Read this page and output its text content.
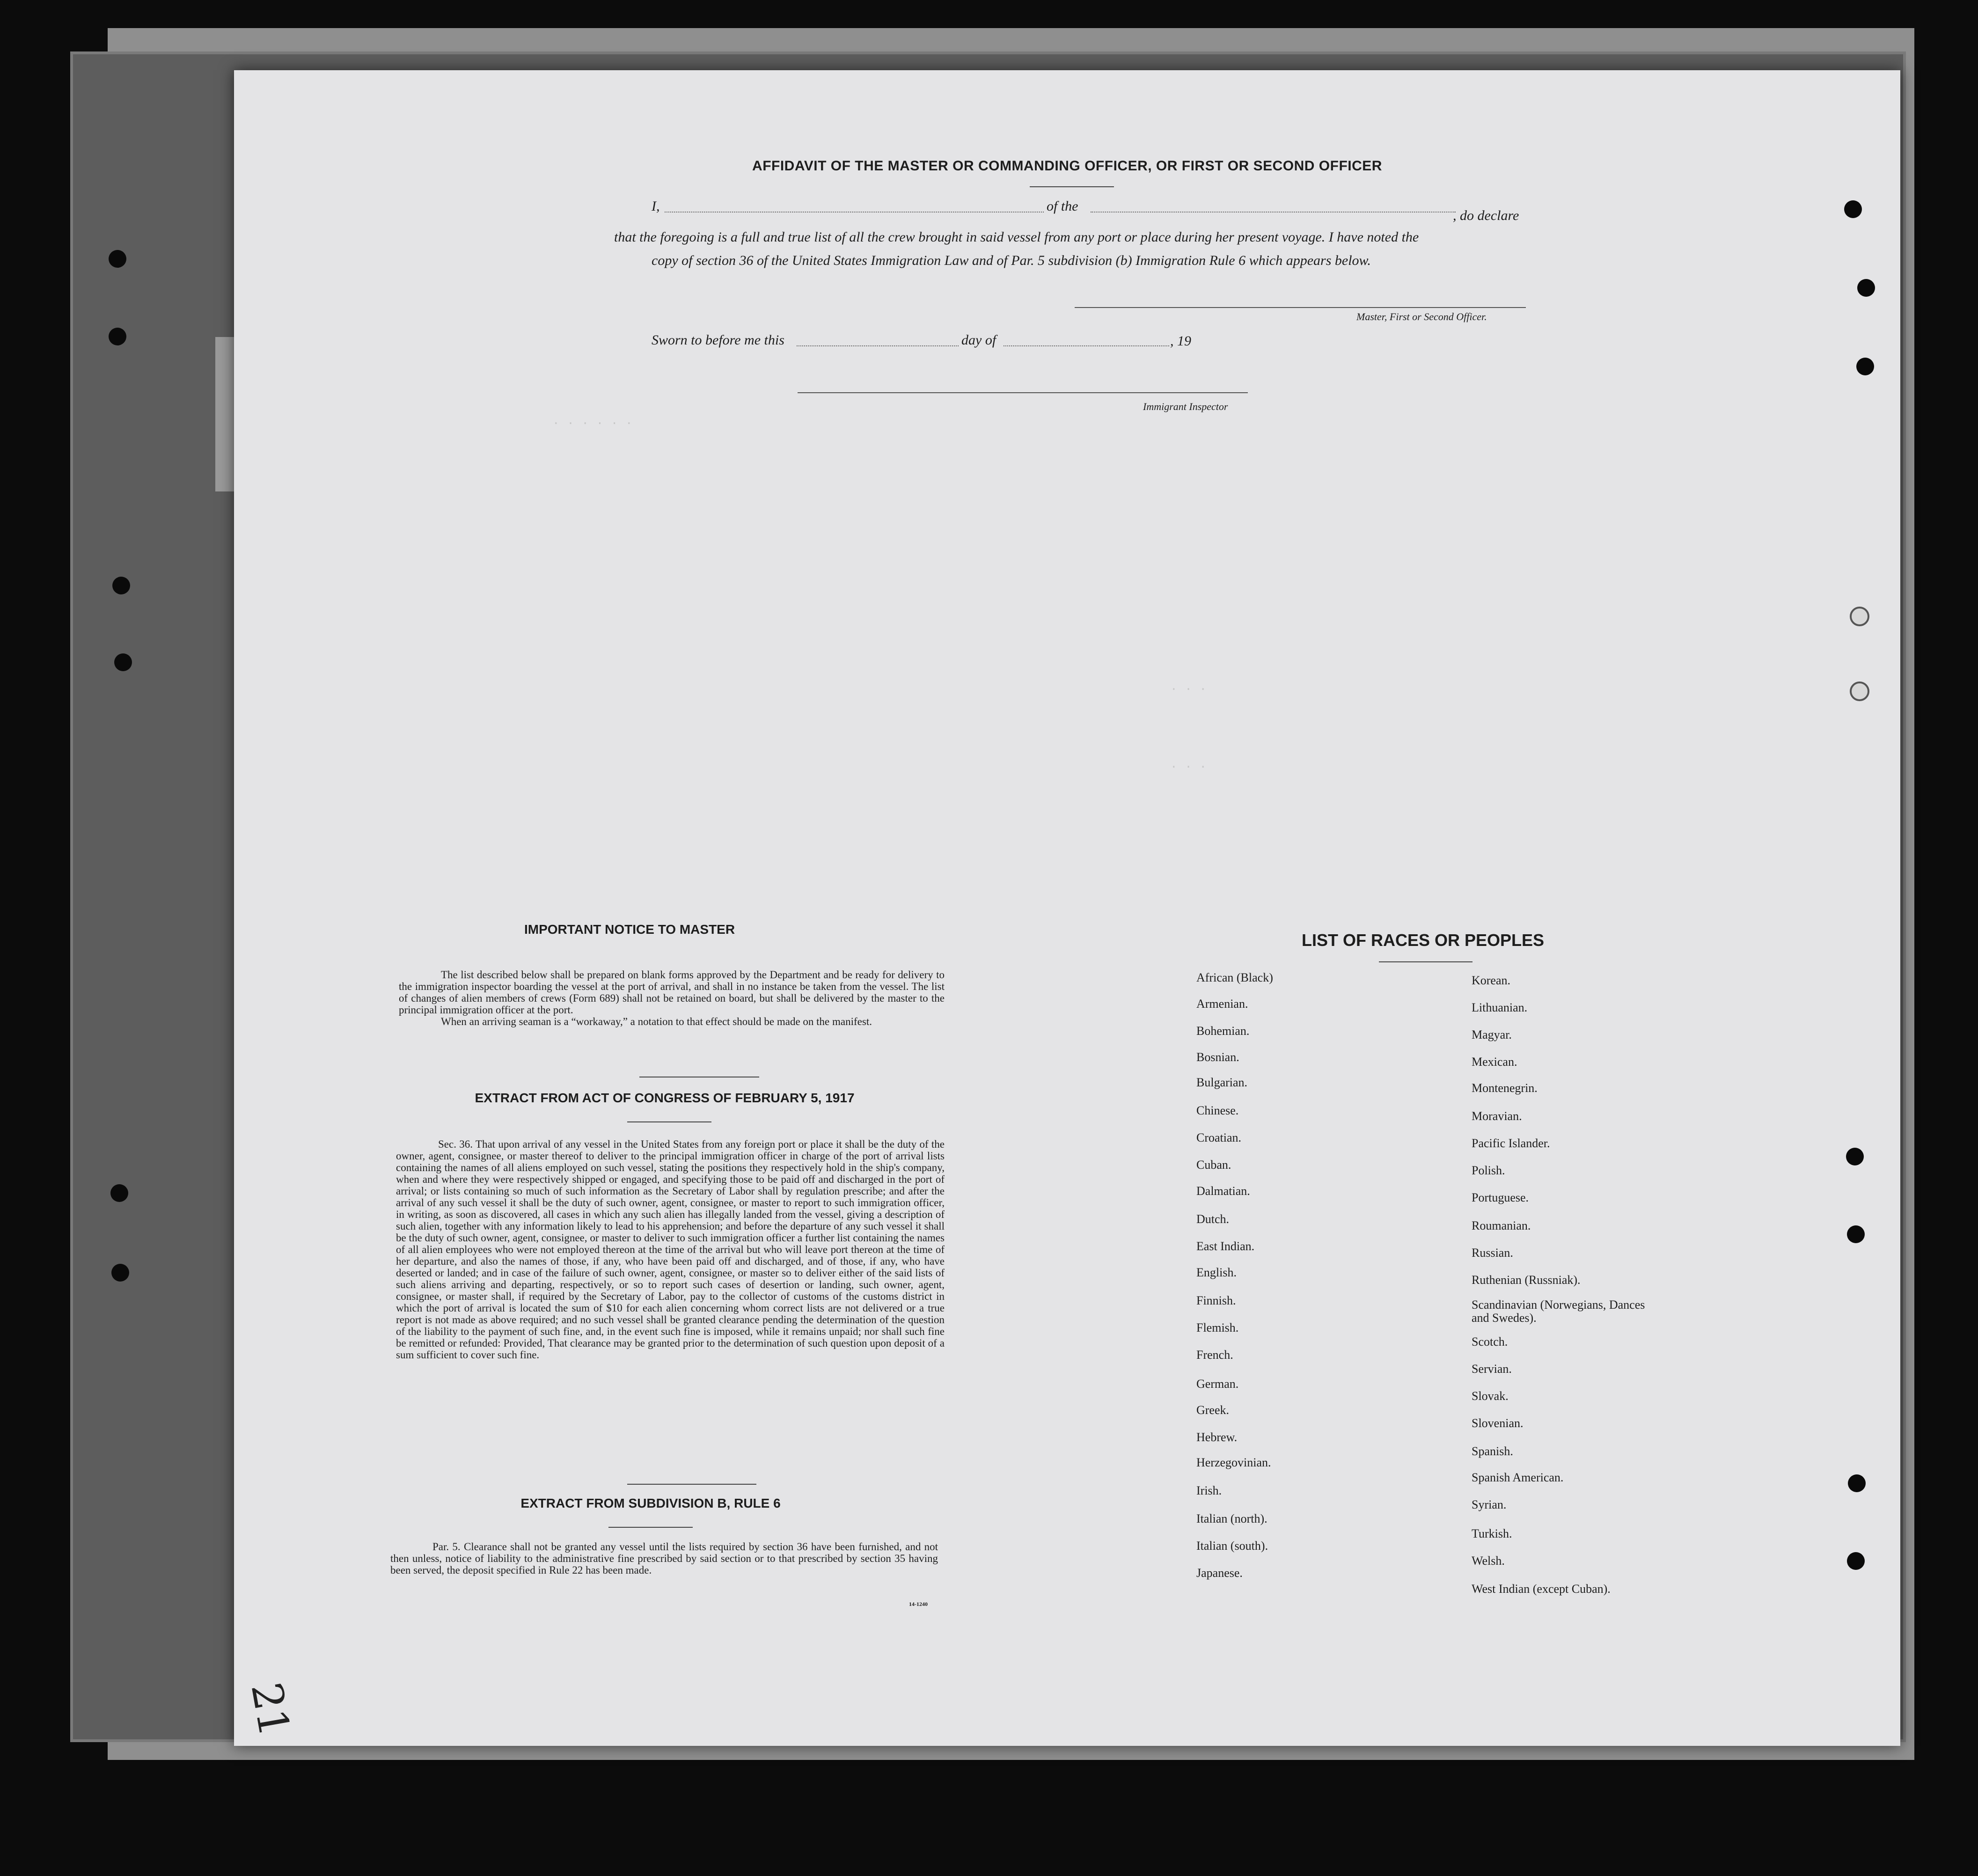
AFFIDAVIT OF THE MASTER OR COMMANDING OFFICER, OR FIRST OR SECOND OFFICER
I,	of the
, do declare
that the foregoing is a full and true list of all the crew brought in said vessel from any port or place during her present voyage. I have noted the
copy of section 36 of the United States Immigration Law and of Par. 5 subdivision (b) Immigration Rule 6 which appears below.
Master, First or Second Officer.
Sworn to before me this	day of	, 19
Immigrant Inspector
. . . . . .
. . .
. . .
IMPORTANT NOTICE TO MASTER

The list described below shall be prepared on blank forms approved by the Department and be ready for delivery to the immigration inspector boarding the vessel at the port of arrival, and shall in no instance be taken from the vessel. The list of changes of alien members of crews (Form 689) shall not be retained on board, but shall be delivered by the master to the principal immigration officer at the port.

When an arriving seaman is a “workaway,” a notation to that effect should be made on the manifest.

EXTRACT FROM ACT OF CONGRESS OF FEBRUARY 5, 1917

Sec. 36. That upon arrival of any vessel in the United States from any foreign port or place it shall be the duty of the owner, agent, consignee, or master thereof to deliver to the principal immigration officer in charge of the port of arrival lists containing the names of all aliens employed on such vessel, stating the positions they respectively hold in the ship's company, when and where they were respectively shipped or engaged, and specifying those to be paid off and discharged in the port of arrival; or lists containing so much of such information as the Secretary of Labor shall by regulation prescribe; and after the arrival of any such vessel it shall be the duty of such owner, agent, consignee, or master to report to such immigration officer, in writing, as soon as discovered, all cases in which any such alien has illegally landed from the vessel, giving a description of such alien, together with any information likely to lead to his apprehension; and before the departure of any such vessel it shall be the duty of such owner, agent, consignee, or master to deliver to such immigration officer a further list containing the names of all alien employees who were not employed thereon at the time of the arrival but who will leave port thereon at the time of her departure, and also the names of those, if any, who have been paid off and discharged, and of those, if any, who have deserted or landed; and in case of the failure of such owner, agent, consignee, or master so to deliver either of the said lists of such aliens arriving and departing, respectively, or so to report such cases of desertion or landing, such owner, agent, consignee, or master shall, if required by the Secretary of Labor, pay to the collector of customs of the customs district in which the port of arrival is located the sum of $10 for each alien concerning whom correct lists are not delivered or a true report is not made as above required; and no such vessel shall be granted clearance pending the determination of the question of the liability to the payment of such fine, and, in the event such fine is imposed, while it remains unpaid; nor shall such fine be remitted or refunded: Provided, That clearance may be granted prior to the determination of such question upon deposit of a sum sufficient to cover such fine.

EXTRACT FROM SUBDIVISION B, RULE 6

Par. 5. Clearance shall not be granted any vessel until the lists required by section 36 have been furnished, and not then unless, notice of liability to the administrative fine prescribed by said section or to that prescribed by section 35 having been served, the deposit specified in Rule 22 has been made.

14-1240
LIST OF RACES OR PEOPLES
African (Black)
Armenian.
Bohemian.
Bosnian.
Bulgarian.
Chinese.
Croatian.
Cuban.
Dalmatian.
Dutch.
East Indian.
English.
Finnish.
Flemish.
French.
German.
Greek.
Hebrew.
Herzegovinian.
Irish.
Italian (north).
Italian (south).
Japanese.
Korean.
Lithuanian.
Magyar.
Mexican.
Montenegrin.
Moravian.
Pacific Islander.
Polish.
Portuguese.
Roumanian.
Russian.
Ruthenian (Russniak).
Scandinavian (Norwegians, Dances and Swedes).
Scotch.
Servian.
Slovak.
Slovenian.
Spanish.
Spanish American.
Syrian.
Turkish.
Welsh.
West Indian (except Cuban).
21
